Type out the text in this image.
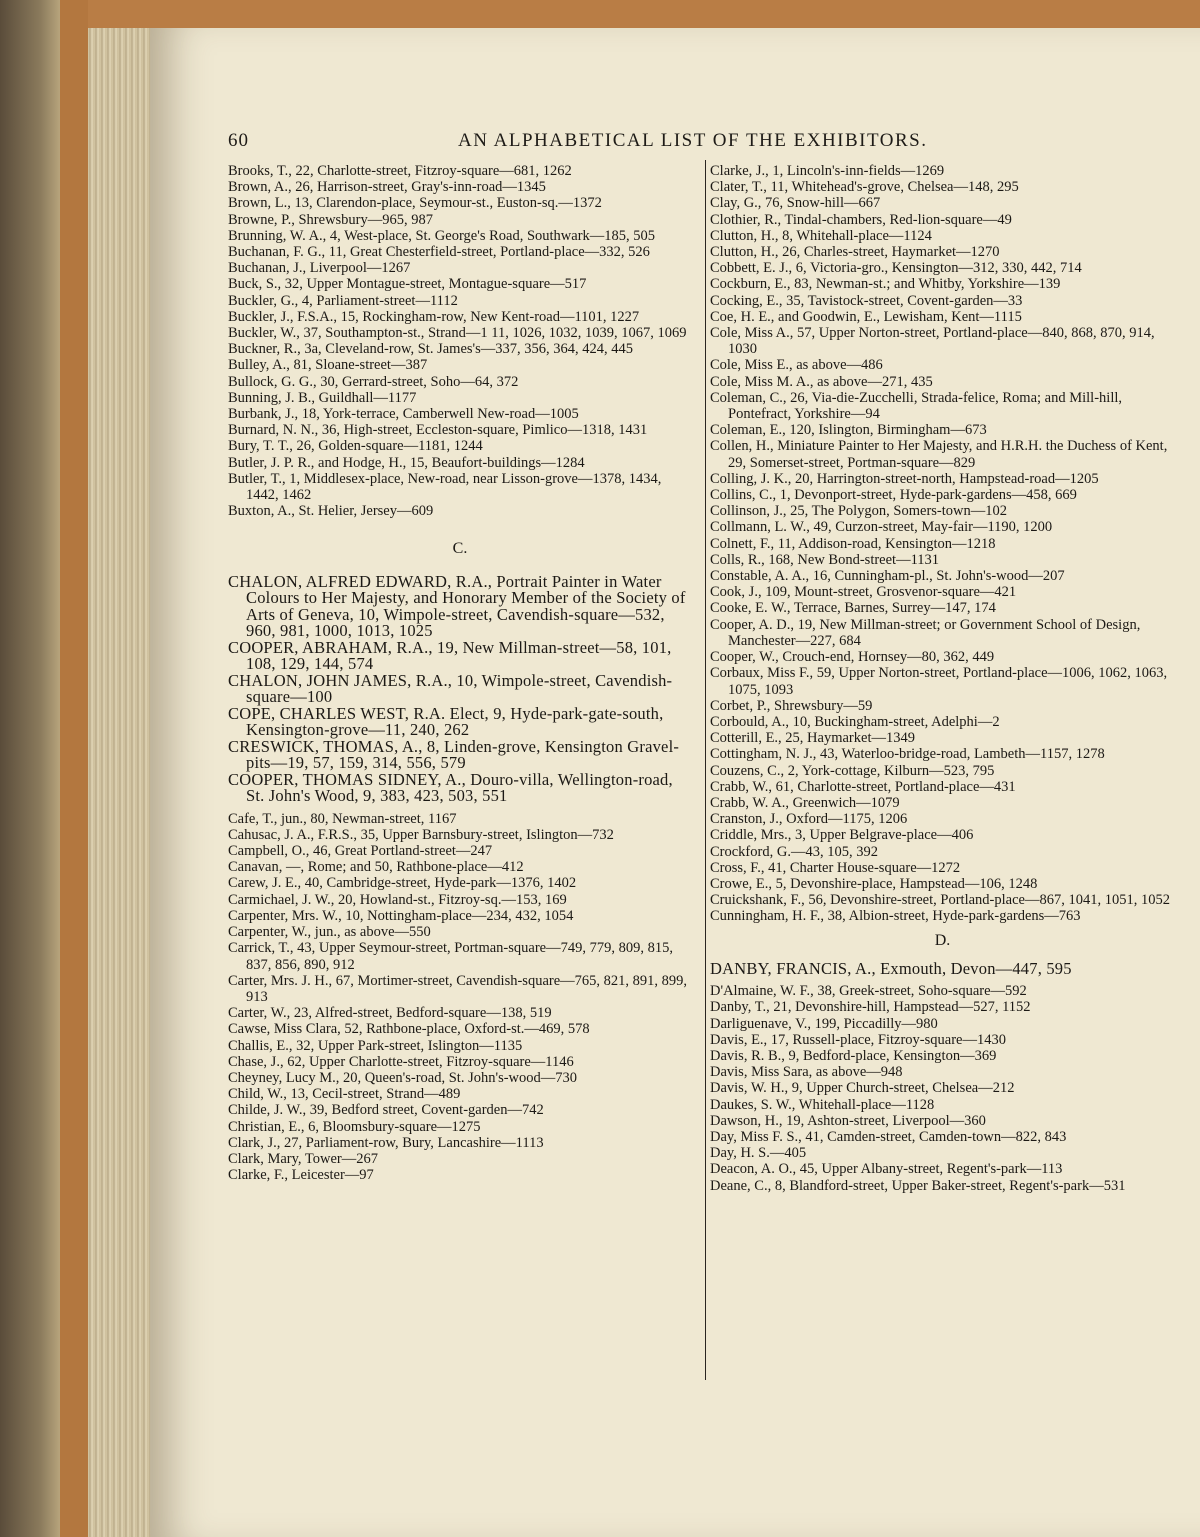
60	AN ALPHABETICAL LIST OF THE EXHIBITORS.
Brooks, T., 22, Charlotte-street, Fitzroy-square—681, 1262
Brown, A., 26, Harrison-street, Gray's-inn-road—1345
Brown, L., 13, Clarendon-place, Seymour-st., Euston-sq.—1372
Browne, P., Shrewsbury—965, 987
Brunning, W. A., 4, West-place, St. George's Road, Southwark—185, 505
Buchanan, F. G., 11, Great Chesterfield-street, Portland-place—332, 526
Buchanan, J., Liverpool—1267
Buck, S., 32, Upper Montague-street, Montague-square—517
Buckler, G., 4, Parliament-street—1112
Buckler, J., F.S.A., 15, Rockingham-row, New Kent-road—1101, 1227
Buckler, W., 37, Southampton-st., Strand—1 11, 1026, 1032, 1039, 1067, 1069
Buckner, R., 3a, Cleveland-row, St. James's—337, 356, 364, 424, 445
Bulley, A., 81, Sloane-street—387
Bullock, G. G., 30, Gerrard-street, Soho—64, 372
Bunning, J. B., Guildhall—1177
Burbank, J., 18, York-terrace, Camberwell New-road—1005
Burnard, N. N., 36, High-street, Eccleston-square, Pimlico—1318, 1431
Bury, T. T., 26, Golden-square—1181, 1244
Butler, J. P. R., and Hodge, H., 15, Beaufort-buildings—1284
Butler, T., 1, Middlesex-place, New-road, near Lisson-grove—1378, 1434, 1442, 1462
Buxton, A., St. Helier, Jersey—609
C.
CHALON, ALFRED EDWARD, R.A., Portrait Painter in Water Colours to Her Majesty, and Honorary Member of the Society of Arts of Geneva, 10, Wimpole-street, Cavendish-square—532, 960, 981, 1000, 1013, 1025
COOPER, ABRAHAM, R.A., 19, New Millman-street—58, 101, 108, 129, 144, 574
CHALON, JOHN JAMES, R.A., 10, Wimpole-street, Cavendish-square—100
COPE, CHARLES WEST, R.A. Elect, 9, Hyde-park-gate-south, Kensington-grove—11, 240, 262
CRESWICK, THOMAS, A., 8, Linden-grove, Kensington Gravel-pits—19, 57, 159, 314, 556, 579
COOPER, THOMAS SIDNEY, A., Douro-villa, Wellington-road, St. John's Wood, 9, 383, 423, 503, 551
Cafe, T., jun., 80, Newman-street, 1167
Cahusac, J. A., F.R.S., 35, Upper Barnsbury-street, Islington—732
Campbell, O., 46, Great Portland-street—247
Canavan, —, Rome; and 50, Rathbone-place—412
Carew, J. E., 40, Cambridge-street, Hyde-park—1376, 1402
Carmichael, J. W., 20, Howland-st., Fitzroy-sq.—153, 169
Carpenter, Mrs. W., 10, Nottingham-place—234, 432, 1054
Carpenter, W., jun., as above—550
Carrick, T., 43, Upper Seymour-street, Portman-square—749, 779, 809, 815, 837, 856, 890, 912
Carter, Mrs. J. H., 67, Mortimer-street, Cavendish-square—765, 821, 891, 899, 913
Carter, W., 23, Alfred-street, Bedford-square—138, 519
Cawse, Miss Clara, 52, Rathbone-place, Oxford-st.—469, 578
Challis, E., 32, Upper Park-street, Islington—1135
Chase, J., 62, Upper Charlotte-street, Fitzroy-square—1146
Cheyney, Lucy M., 20, Queen's-road, St. John's-wood—730
Child, W., 13, Cecil-street, Strand—489
Childe, J. W., 39, Bedford street, Covent-garden—742
Christian, E., 6, Bloomsbury-square—1275
Clark, J., 27, Parliament-row, Bury, Lancashire—1113
Clark, Mary, Tower—267
Clarke, F., Leicester—97
Clarke, J., 1, Lincoln's-inn-fields—1269
Clater, T., 11, Whitehead's-grove, Chelsea—148, 295
Clay, G., 76, Snow-hill—667
Clothier, R., Tindal-chambers, Red-lion-square—49
Clutton, H., 8, Whitehall-place—1124
Clutton, H., 26, Charles-street, Haymarket—1270
Cobbett, E. J., 6, Victoria-gro., Kensington—312, 330, 442, 714
Cockburn, E., 83, Newman-st.; and Whitby, Yorkshire—139
Cocking, E., 35, Tavistock-street, Covent-garden—33
Coe, H. E., and Goodwin, E., Lewisham, Kent—1115
Cole, Miss A., 57, Upper Norton-street, Portland-place—840, 868, 870, 914, 1030
Cole, Miss E., as above—486
Cole, Miss M. A., as above—271, 435
Coleman, C., 26, Via-die-Zucchelli, Strada-felice, Roma; and Mill-hill, Pontefract, Yorkshire—94
Coleman, E., 120, Islington, Birmingham—673
Collen, H., Miniature Painter to Her Majesty, and H.R.H. the Duchess of Kent, 29, Somerset-street, Portman-square—829
Colling, J. K., 20, Harrington-street-north, Hampstead-road—1205
Collins, C., 1, Devonport-street, Hyde-park-gardens—458, 669
Collinson, J., 25, The Polygon, Somers-town—102
Collmann, L. W., 49, Curzon-street, May-fair—1190, 1200
Colnett, F., 11, Addison-road, Kensington—1218
Colls, R., 168, New Bond-street—1131
Constable, A. A., 16, Cunningham-pl., St. John's-wood—207
Cook, J., 109, Mount-street, Grosvenor-square—421
Cooke, E. W., Terrace, Barnes, Surrey—147, 174
Cooper, A. D., 19, New Millman-street; or Government School of Design, Manchester—227, 684
Cooper, W., Crouch-end, Hornsey—80, 362, 449
Corbaux, Miss F., 59, Upper Norton-street, Portland-place—1006, 1062, 1063, 1075, 1093
Corbet, P., Shrewsbury—59
Corbould, A., 10, Buckingham-street, Adelphi—2
Cotterill, E., 25, Haymarket—1349
Cottingham, N. J., 43, Waterloo-bridge-road, Lambeth—1157, 1278
Couzens, C., 2, York-cottage, Kilburn—523, 795
Crabb, W., 61, Charlotte-street, Portland-place—431
Crabb, W. A., Greenwich—1079
Cranston, J., Oxford—1175, 1206
Criddle, Mrs., 3, Upper Belgrave-place—406
Crockford, G.—43, 105, 392
Cross, F., 41, Charter House-square—1272
Crowe, E., 5, Devonshire-place, Hampstead—106, 1248
Cruickshank, F., 56, Devonshire-street, Portland-place—867, 1041, 1051, 1052
Cunningham, H. F., 38, Albion-street, Hyde-park-gardens—763
D.
DANBY, FRANCIS, A., Exmouth, Devon—447, 595
D'Almaine, W. F., 38, Greek-street, Soho-square—592
Danby, T., 21, Devonshire-hill, Hampstead—527, 1152
Darliguenave, V., 199, Piccadilly—980
Davis, E., 17, Russell-place, Fitzroy-square—1430
Davis, R. B., 9, Bedford-place, Kensington—369
Davis, Miss Sara, as above—948
Davis, W. H., 9, Upper Church-street, Chelsea—212
Daukes, S. W., Whitehall-place—1128
Dawson, H., 19, Ashton-street, Liverpool—360
Day, Miss F. S., 41, Camden-street, Camden-town—822, 843
Day, H. S.—405
Deacon, A. O., 45, Upper Albany-street, Regent's-park—113
Deane, C., 8, Blandford-street, Upper Baker-street, Regent's-park—531
